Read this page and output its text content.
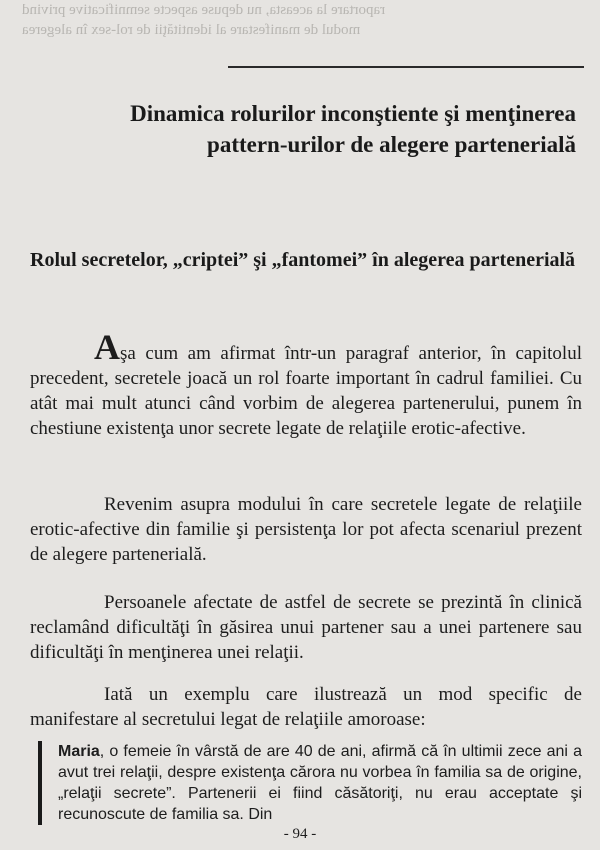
raportare la aceasta, nu depuse aspecte semnificative privind
modul de manifestare al identităţii de rol-sex în alegerea
Dinamica rolurilor inconştiente şi menţinerea
pattern-urilor de alegere partenerială
Rolul secretelor, „criptei” şi „fantomei” în alegerea partenerială
Aşa cum am afirmat într-un paragraf anterior, în capitolul precedent, secretele joacă un rol foarte important în cadrul familiei. Cu atât mai mult atunci când vorbim de alegerea partenerului, punem în chestiune existenţa unor secrete legate de relaţiile erotic-afective.
Revenim asupra modului în care secretele legate de relaţiile erotic-afective din familie şi persistenţa lor pot afecta scenariul prezent de alegere partenerială.
Persoanele afectate de astfel de secrete se prezintă în clinică reclamând dificultăţi în găsirea unui partener sau a unei partenere sau dificultăţi în menţinerea unei relaţii.
Iată un exemplu care ilustrează un mod specific de manifestare al secretului legat de relaţiile amoroase:
Maria, o femeie în vârstă de are 40 de ani, afirmă că în ultimii zece ani a avut trei relaţii, despre existenţa cărora nu vorbea în familia sa de origine, „relaţii secrete”. Partenerii ei fiind căsătoriţi, nu erau acceptate şi recunoscute de familia sa. Din
- 94 -
